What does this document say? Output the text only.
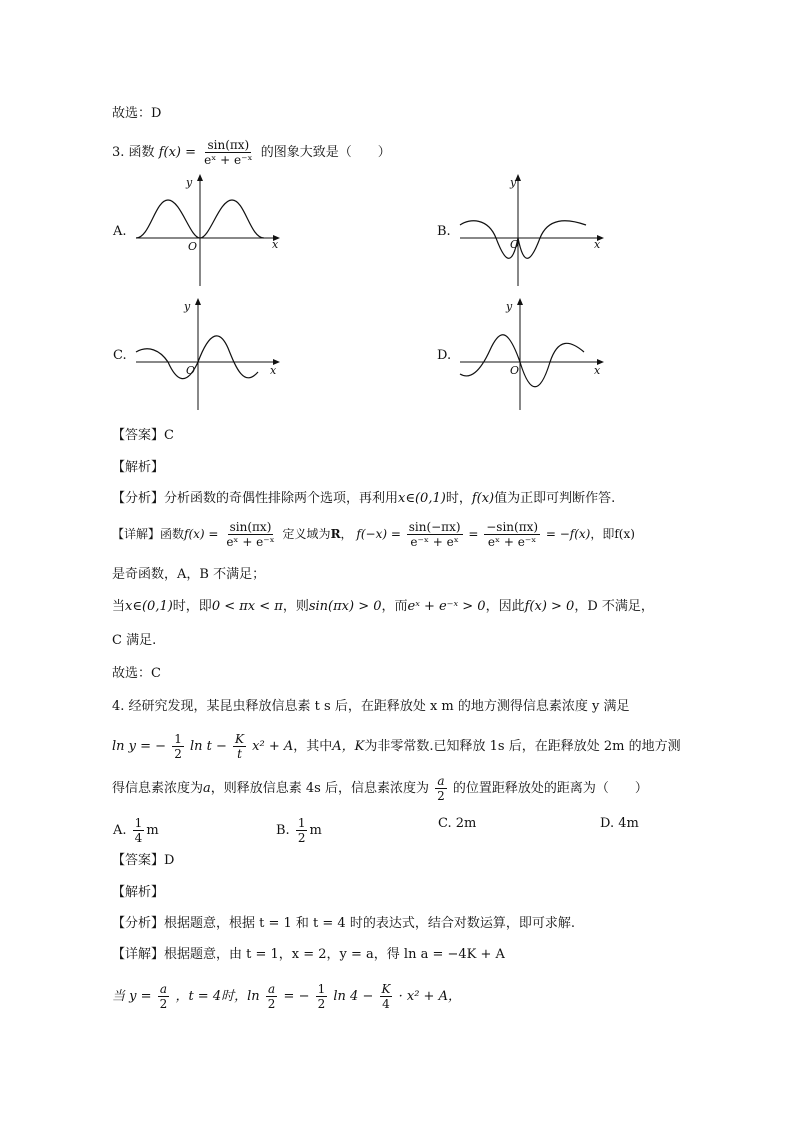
故选：D
3. 函数 $f(x) = \frac{\sin(\pi x)}{\text{eˣ + e⁻ˣ}}$ 的图象大致是（　　）
A.	B.
C.	D.
y
x
O
y
x
O
y
x
O
y
x
O
【答案】C
【解析】
【分析】分析函数的奇偶性排除两个选项，再利用x∈(0,1)时，f(x)值为正即可判断作答.
【详解】函数$f(x) = \frac{\sin(\pi x)}{\text{eˣ + e⁻ˣ}}$ 定义域为R， $f(-x) = \frac{\sin(-\pi x)}{\text{e⁻ˣ + eˣ}} = \frac{-\sin(\pi x)}{\text{eˣ + e⁻ˣ}} = -f(x)$，即f(x)
是奇函数，A，B 不满足；
当x∈(0,1)时，即0 < πx < π，则sin(πx) > 0，而eˣ + e⁻ˣ > 0，因此f(x) > 0，D 不满足，
C 满足.
故选：C
4. 经研究发现，某昆虫释放信息素 t s 后，在距释放处 x m 的地方测得信息素浓度 y 满足
ln y = − $\frac{1}{2}$ $\ln t - \frac{K}{t} x^2 + A$，其中A，K为非零常数.已知释放 1s 后，在距释放处 2m 的地方测
得信息素浓度为a，则释放信息素 4s 后，信息素浓度为 $\frac{a}{2}$ 的位置距释放处的距离为（　　）
A. $\frac{1}{4}$ m	B. $\frac{1}{2}$ m	C. 2m	D. 4m
【答案】D
【解析】
【分析】根据题意，根据 t = 1 和 t = 4 时的表达式，结合对数运算，即可求解.
【详解】根据题意，由 t = 1，x = 2，y = a，得 ln a = −4K + A
当 $y = \frac{a}{2}$ ，t = 4时，$\ln \frac{a}{2}$ = − $\frac{1}{2}$ $\ln 4 - \frac{K}{4} \cdot x^2 + A$，
